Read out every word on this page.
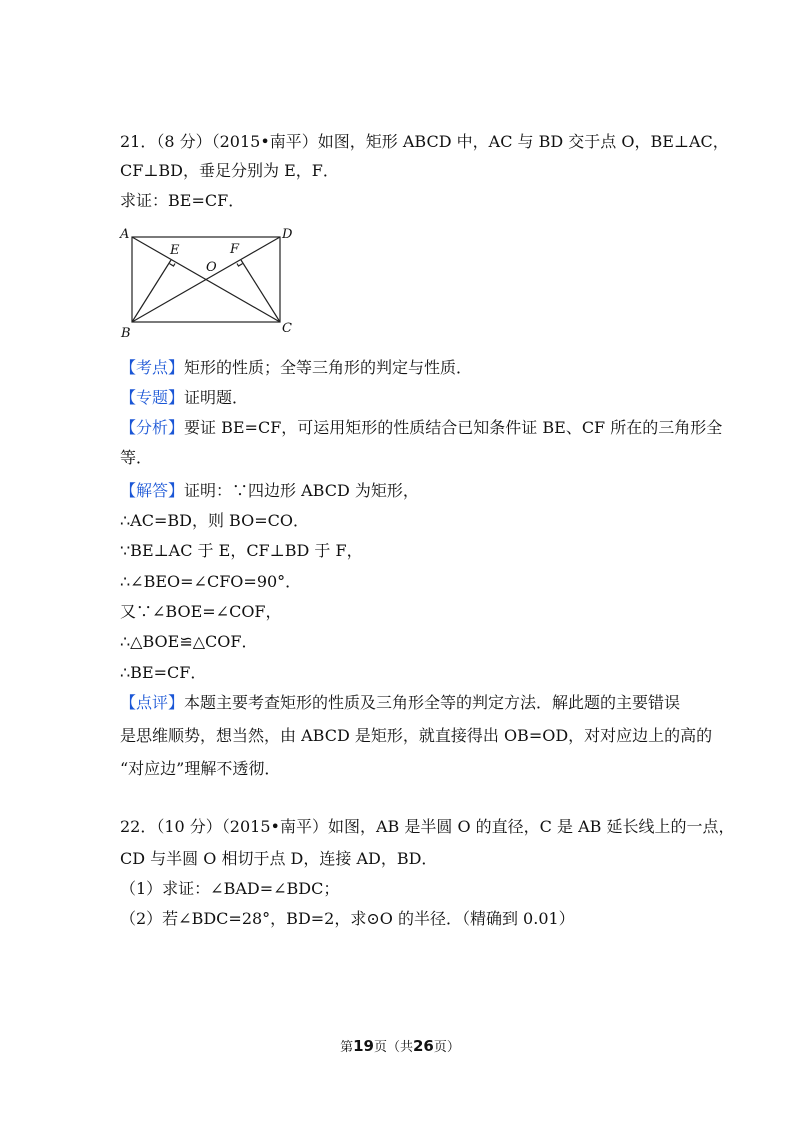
21．（8 分）（2015•南平）如图，矩形 ABCD 中，AC 与 BD 交于点 O，BE⊥AC，
CF⊥BD，垂足分别为 E，F．
求证：BE=CF．
A	D
B	C
E	F
O
【考点】矩形的性质；全等三角形的判定与性质．
【专题】证明题．
【分析】要证 BE=CF，可运用矩形的性质结合已知条件证 BE、CF 所在的三角形全
等．
【解答】证明：∵四边形 ABCD 为矩形，
∴AC=BD，则 BO=CO．
∵BE⊥AC 于 E，CF⊥BD 于 F，
∴∠BEO=∠CFO=90°．
又∵∠BOE=∠COF，
∴△BOE≌△COF．
∴BE=CF．
【点评】本题主要考查矩形的性质及三角形全等的判定方法．解此题的主要错误
是思维顺势，想当然，由 ABCD 是矩形，就直接得出 OB=OD，对对应边上的高的
“对应边”理解不透彻．
22．（10 分）（2015•南平）如图，AB 是半圆 O 的直径，C 是 AB 延长线上的一点，
CD 与半圆 O 相切于点 D，连接 AD，BD．
（1）求证：∠BAD=∠BDC；
（2）若∠BDC=28°，BD=2，求⊙O 的半径．（精确到 0.01）
第19页（共26页）
